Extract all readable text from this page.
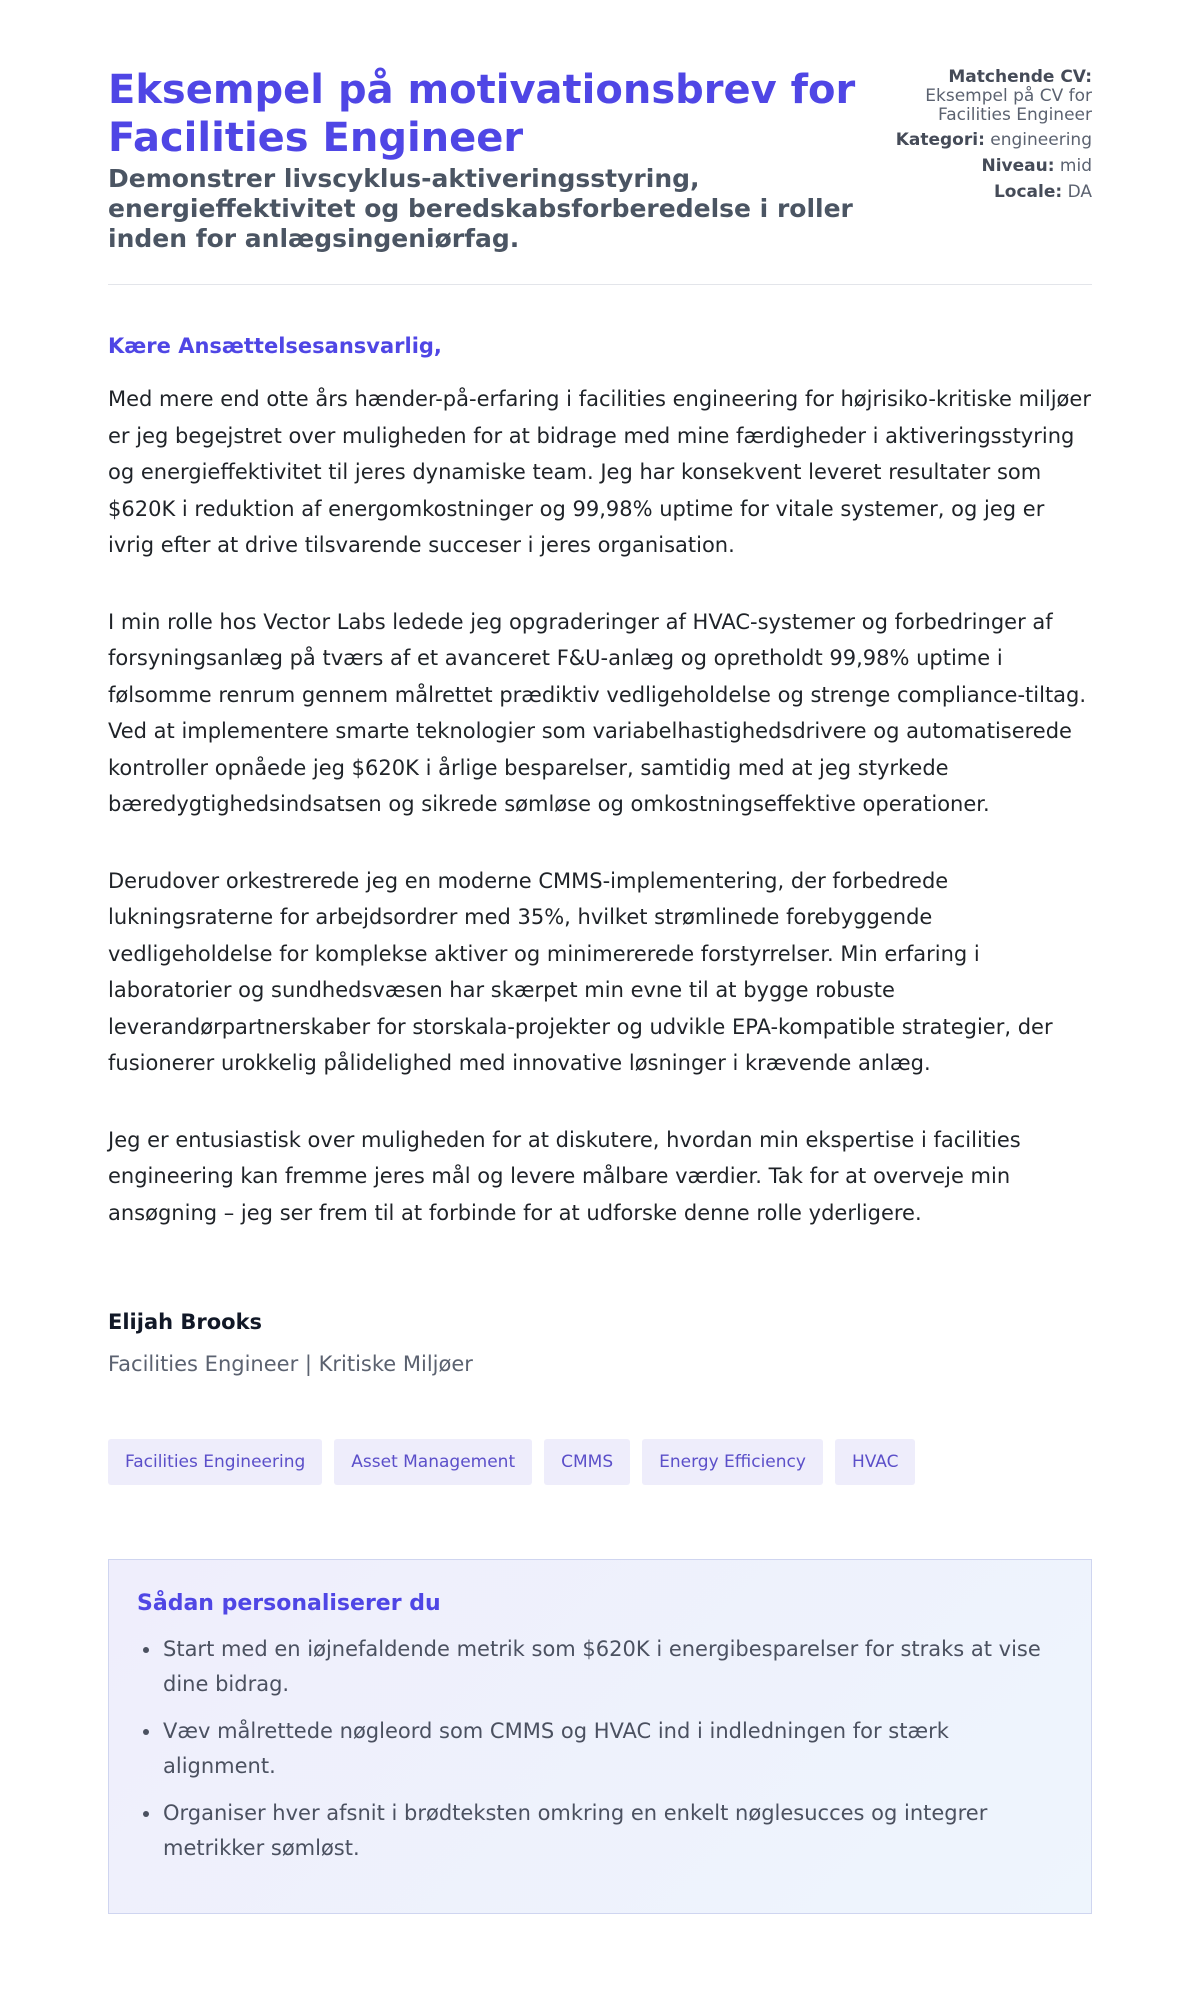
Eksempel på motivationsbrev for Facilities Engineer
Demonstrer livscyklus-aktiveringsstyring, energieffektivitet og beredskabsforberedelse i roller inden for anlægsingeniørfag.
Matchende CV:
Eksempel på CV for Facilities Engineer
Kategori: engineering
Niveau: mid
Locale: DA
Kære Ansættelsesansvarlig,

Med mere end otte års hænder-på-erfaring i facilities engineering for højrisiko-kritiske miljøer er jeg begejstret over muligheden for at bidrage med mine færdigheder i aktiveringsstyring og energieffektivitet til jeres dynamiske team. Jeg har konsekvent leveret resultater som $620K i reduktion af energomkostninger og 99,98% uptime for vitale systemer, og jeg er ivrig efter at drive tilsvarende succeser i jeres organisation.

I min rolle hos Vector Labs ledede jeg opgraderinger af HVAC-systemer og forbedringer af forsyningsanlæg på tværs af et avanceret F&U-anlæg og opretholdt 99,98% uptime i følsomme renrum gennem målrettet prædiktiv vedligeholdelse og strenge compliance-tiltag. Ved at implementere smarte teknologier som variabelhastighedsdrivere og automatiserede kontroller opnåede jeg $620K i årlige besparelser, samtidig med at jeg styrkede bæredygtighedsindsatsen og sikrede sømløse og omkostningseffektive operationer.

Derudover orkestrerede jeg en moderne CMMS-implementering, der forbedrede lukningsraterne for arbejdsordrer med 35%, hvilket strømlinede forebyggende vedligeholdelse for komplekse aktiver og minimererede forstyrrelser. Min erfaring i laboratorier og sundhedsvæsen har skærpet min evne til at bygge robuste leverandørpartnerskaber for storskala-projekter og udvikle EPA-kompatible strategier, der fusionerer urokkelig pålidelighed med innovative løsninger i krævende anlæg.

Jeg er entusiastisk over muligheden for at diskutere, hvordan min ekspertise i facilities engineering kan fremme jeres mål og levere målbare værdier. Tak for at overveje min ansøgning – jeg ser frem til at forbinde for at udforske denne rolle yderligere.

Elijah Brooks
Facilities Engineer | Kritiske Miljøer
Facilities Engineering	Asset Management	CMMS	Energy Efficiency	HVAC
Sådan personaliserer du
Start med en iøjnefaldende metrik som $620K i energibesparelser for straks at vise dine bidrag.
Væv målrettede nøgleord som CMMS og HVAC ind i indledningen for stærk alignment.
Organiser hver afsnit i brødteksten omkring en enkelt nøglesucces og integrer metrikker sømløst.
